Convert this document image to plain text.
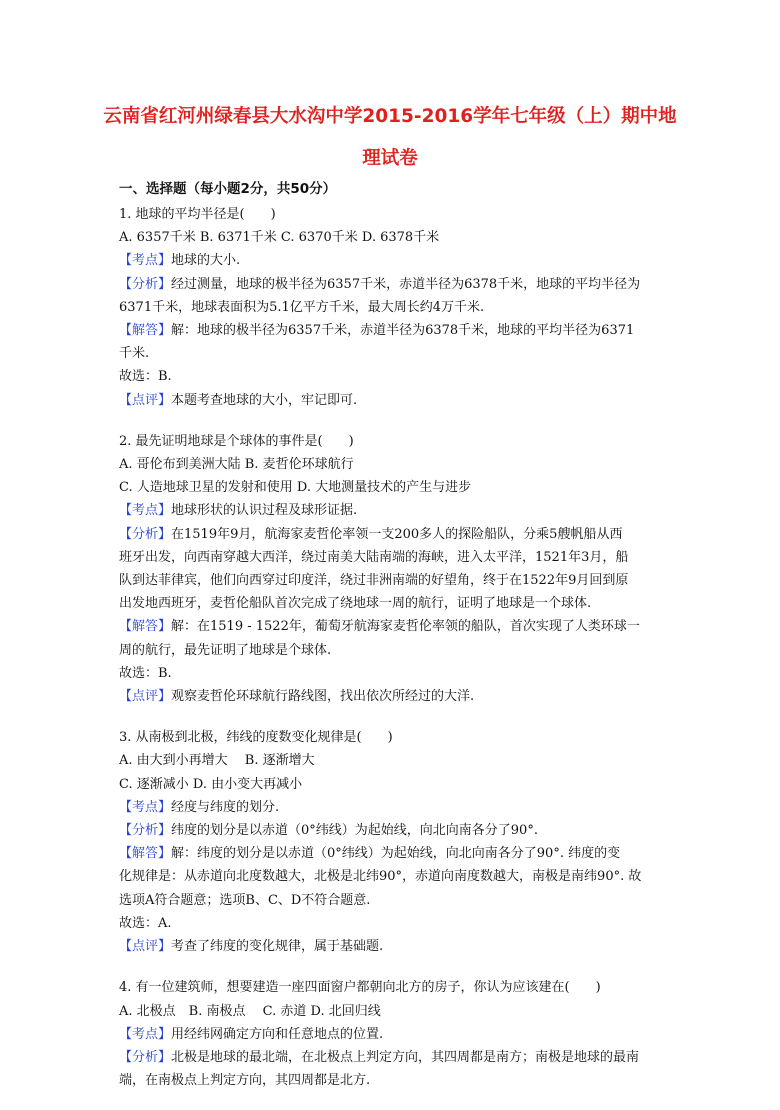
云南省红河州绿春县大水沟中学2015-2016学年七年级（上）期中地
理试卷
一、选择题（每小题2分，共50分）
1. 地球的平均半径是(　　)
A. 6357千米 B. 6371千米 C. 6370千米 D. 6378千米
【考点】地球的大小.
【分析】经过测量，地球的极半径为6357千米，赤道半径为6378千米，地球的平均半径为
6371千米，地球表面积为5.1亿平方千米，最大周长约4万千米.
【解答】解：地球的极半径为6357千米，赤道半径为6378千米，地球的平均半径为6371
千米.
故选：B.
【点评】本题考查地球的大小，牢记即可.
2. 最先证明地球是个球体的事件是(　　)
A. 哥伦布到美洲大陆 B. 麦哲伦环球航行
C. 人造地球卫星的发射和使用 D. 大地测量技术的产生与进步
【考点】地球形状的认识过程及球形证据.
【分析】在1519年9月，航海家麦哲伦率领一支200多人的探险船队，分乘5艘帆船从西
班牙出发，向西南穿越大西洋，绕过南美大陆南端的海峡，进入太平洋，1521年3月，船
队到达菲律宾，他们向西穿过印度洋，绕过非洲南端的好望角，终于在1522年9月回到原
出发地西班牙，麦哲伦船队首次完成了绕地球一周的航行，证明了地球是一个球体.
【解答】解：在1519 - 1522年，葡萄牙航海家麦哲伦率领的船队，首次实现了人类环球一
周的航行，最先证明了地球是个球体.
故选：B.
【点评】观察麦哲伦环球航行路线图，找出依次所经过的大洋.
3. 从南极到北极，纬线的度数变化规律是(　　)
A. 由大到小再增大　 B. 逐渐增大
C. 逐渐减小 D. 由小变大再减小
【考点】经度与纬度的划分.
【分析】纬度的划分是以赤道（0°纬线）为起始线，向北向南各分了90°.
【解答】解：纬度的划分是以赤道（0°纬线）为起始线，向北向南各分了90°. 纬度的变
化规律是：从赤道向北度数越大，北极是北纬90°，赤道向南度数越大，南极是南纬90°. 故
选项A符合题意；选项B、C、D不符合题意.
故选：A.
【点评】考查了纬度的变化规律，属于基础题.
4. 有一位建筑师，想要建造一座四面窗户都朝向北方的房子，你认为应该建在(　　)
A. 北极点　B. 南极点　 C. 赤道 D. 北回归线
【考点】用经纬网确定方向和任意地点的位置.
【分析】北极是地球的最北端，在北极点上判定方向，其四周都是南方；南极是地球的最南
端，在南极点上判定方向，其四周都是北方.
